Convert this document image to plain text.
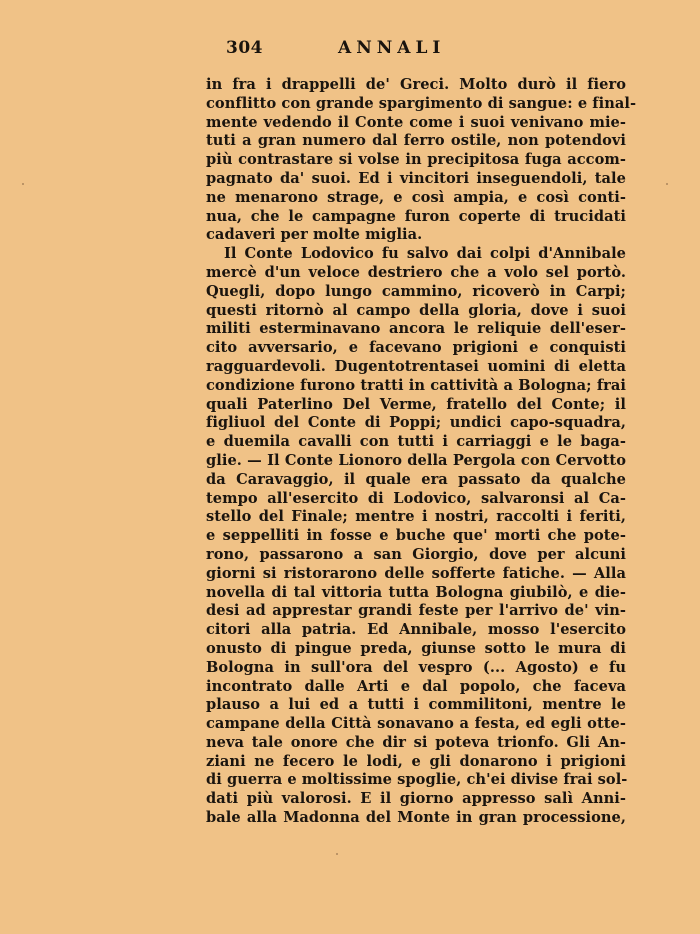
304	ANNALI
in fra i drappelli de' Greci. Molto durò il fiero
conflitto con grande spargimento di sangue: e final-
mente vedendo il Conte come i suoi venivano mie-
tuti a gran numero dal ferro ostile, non potendovi
più contrastare si volse in precipitosa fuga accom-
pagnato da' suoi. Ed i vincitori inseguendoli, tale
ne menarono strage, e così ampia, e così conti-
nua, che le campagne furon coperte di trucidati
cadaveri per molte miglia.
Il Conte Lodovico fu salvo dai colpi d'Annibale
mercè d'un veloce destriero che a volo sel portò.
Quegli, dopo lungo cammino, ricoverò in Carpi;
questi ritornò al campo della gloria, dove i suoi
militi esterminavano ancora le reliquie dell'eser-
cito avversario, e facevano prigioni e conquisti
ragguardevoli. Dugentotrentasei uomini di eletta
condizione furono tratti in cattività a Bologna; frai
quali Paterlino Del Verme, fratello del Conte; il
figliuol del Conte di Poppi; undici capo-squadra,
e duemila cavalli con tutti i carriaggi e le baga-
glie. — Il Conte Lionoro della Pergola con Cervotto
da Caravaggio, il quale era passato da qualche
tempo all'esercito di Lodovico, salvaronsi al Ca-
stello del Finale; mentre i nostri, raccolti i feriti,
e seppelliti in fosse e buche que' morti che pote-
rono, passarono a san Giorgio, dove per alcuni
giorni si ristorarono delle sofferte fatiche. — Alla
novella di tal vittoria tutta Bologna giubilò, e die-
desi ad apprestar grandi feste per l'arrivo de' vin-
citori alla patria. Ed Annibale, mosso l'esercito
onusto di pingue preda, giunse sotto le mura di
Bologna in sull'ora del vespro (... Agosto) e fu
incontrato dalle Arti e dal popolo, che faceva
plauso a lui ed a tutti i commilitoni, mentre le
campane della Città sonavano a festa, ed egli otte-
neva tale onore che dir si poteva trionfo. Gli An-
ziani ne fecero le lodi, e gli donarono i prigioni
di guerra e moltissime spoglie, ch'ei divise frai sol-
dati più valorosi. E il giorno appresso salì Anni-
bale alla Madonna del Monte in gran processione,
